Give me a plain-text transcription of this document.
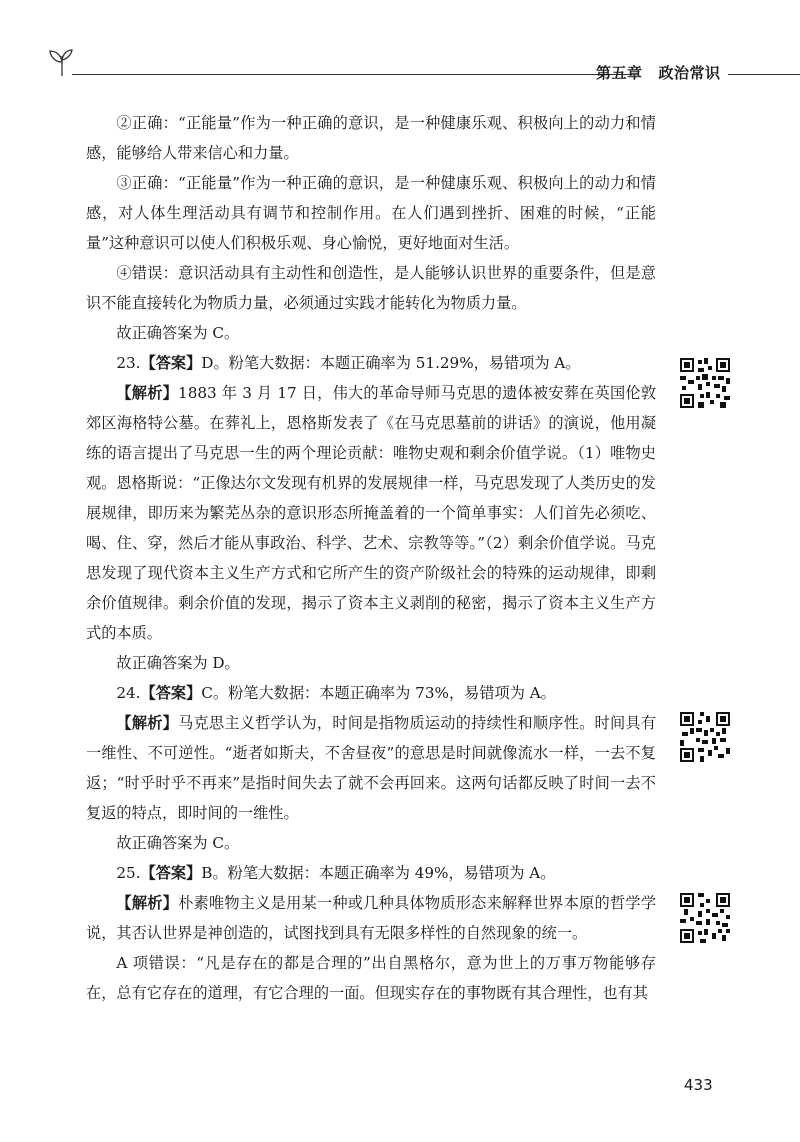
第五章 政治常识

②正确：“正能量”作为一种正确的意识，是一种健康乐观、积极向上的动力和情感，能够给人带来信心和力量。

③正确：“正能量”作为一种正确的意识，是一种健康乐观、积极向上的动力和情感，对人体生理活动具有调节和控制作用。在人们遇到挫折、困难的时候，“正能量”这种意识可以使人们积极乐观、身心愉悦，更好地面对生活。

④错误：意识活动具有主动性和创造性，是人能够认识世界的重要条件，但是意识不能直接转化为物质力量，必须通过实践才能转化为物质力量。

故正确答案为 C。

23.【答案】D。粉笔大数据：本题正确率为 51.29%，易错项为 A。

【解析】1883 年 3 月 17 日，伟大的革命导师马克思的遗体被安葬在英国伦敦郊区海格特公墓。在葬礼上，恩格斯发表了《在马克思墓前的讲话》的演说，他用凝练的语言提出了马克思一生的两个理论贡献：唯物史观和剩余价值学说。（1）唯物史观。恩格斯说：“正像达尔文发现有机界的发展规律一样，马克思发现了人类历史的发展规律，即历来为繁芜丛杂的意识形态所掩盖着的一个简单事实：人们首先必须吃、喝、住、穿，然后才能从事政治、科学、艺术、宗教等等。”（2）剩余价值学说。马克思发现了现代资本主义生产方式和它所产生的资产阶级社会的特殊的运动规律，即剩余价值规律。剩余价值的发现，揭示了资本主义剥削的秘密，揭示了资本主义生产方式的本质。

故正确答案为 D。

24.【答案】C。粉笔大数据：本题正确率为 73%，易错项为 A。

【解析】马克思主义哲学认为，时间是指物质运动的持续性和顺序性。时间具有一维性、不可逆性。“逝者如斯夫，不舍昼夜”的意思是时间就像流水一样，一去不复返；“时乎时乎不再来”是指时间失去了就不会再回来。这两句话都反映了时间一去不复返的特点，即时间的一维性。

故正确答案为 C。

25.【答案】B。粉笔大数据：本题正确率为 49%，易错项为 A。

【解析】朴素唯物主义是用某一种或几种具体物质形态来解释世界本原的哲学学说，其否认世界是神创造的，试图找到具有无限多样性的自然现象的统一。

A 项错误：“凡是存在的都是合理的”出自黑格尔，意为世上的万事万物能够存在，总有它存在的道理，有它合理的一面。但现实存在的事物既有其合理性，也有其

433
